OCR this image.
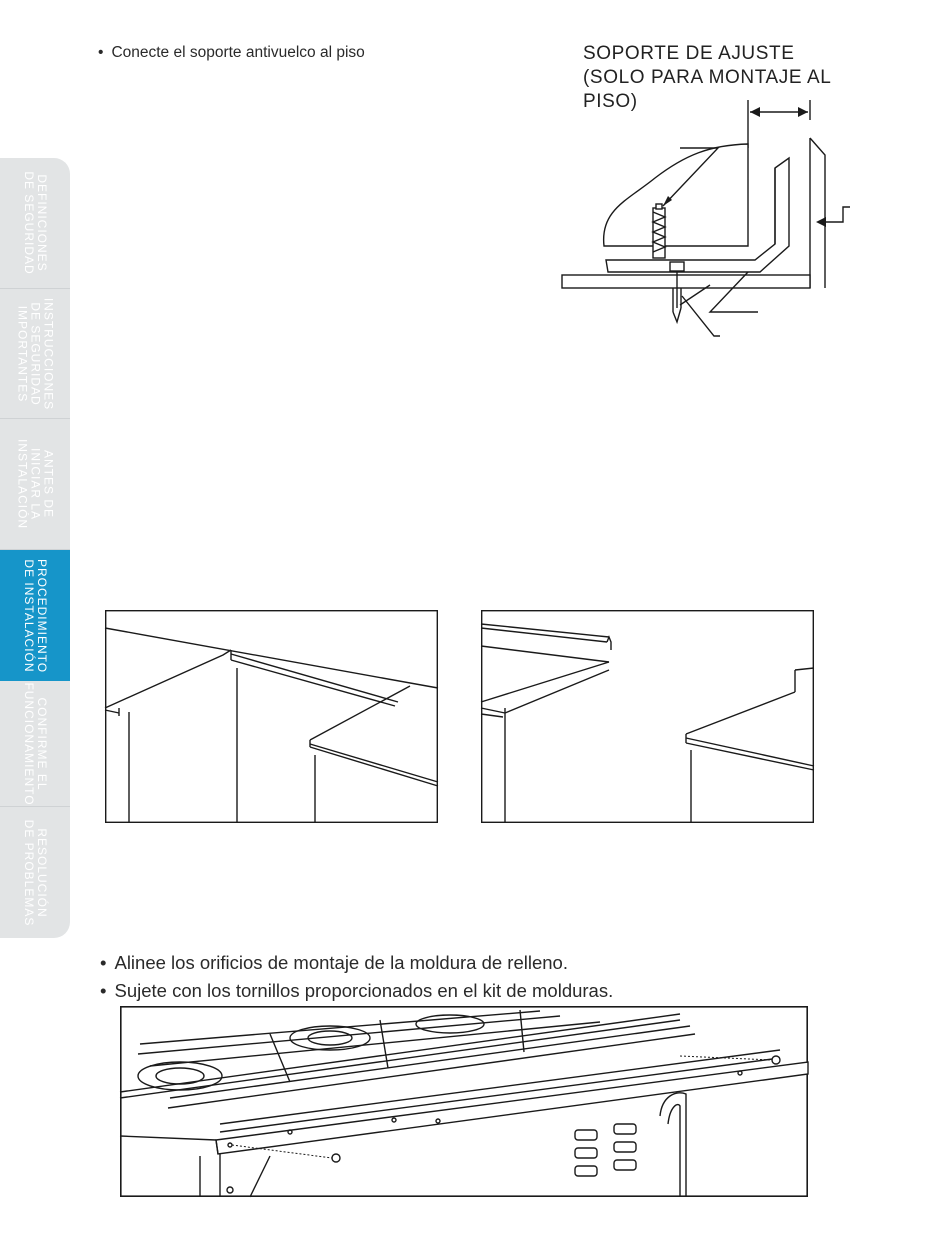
DEFINICIONES
DE SEGURIDAD
INSTRUCCIONES
DE SEGURIDAD
IMPORTANTES
ANTES DE
INICIAR LA
INSTALACIÓN
PROCEDIMIENTO
DE INSTALACIÓN
CONFIRME EL
FUNCIONAMIENTO
RESOLUCIÓN
DE PROBLEMAS
• Conecte el soporte antivuelco al piso	SOPORTE DE AJUSTE
(SOLO PARA MONTAJE AL
PISO)
• Alinee los orificios de montaje de la moldura de relleno.
• Sujete con los tornillos proporcionados en el kit de molduras.
